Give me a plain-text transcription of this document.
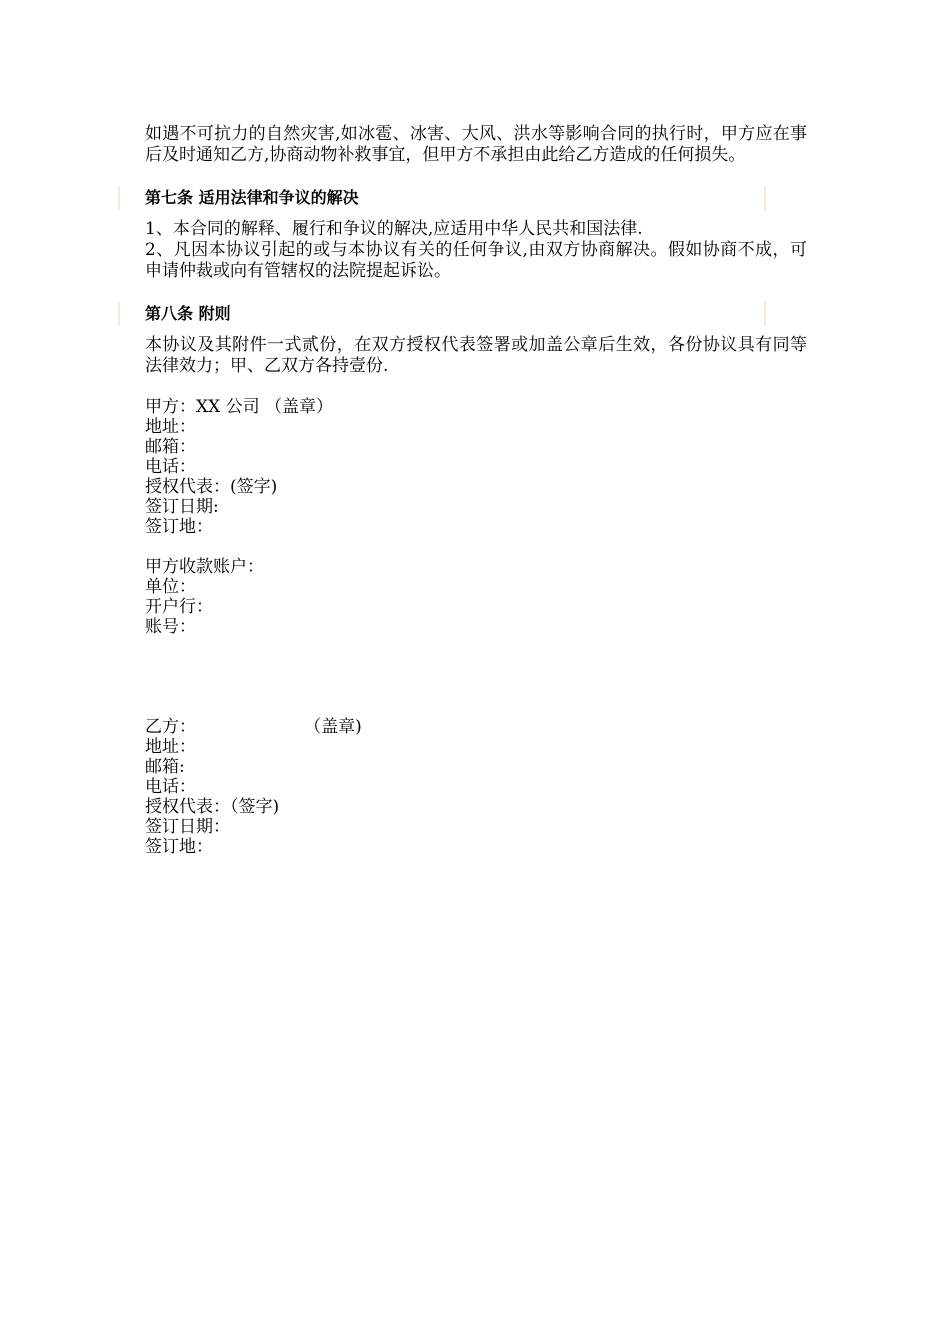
如遇不可抗力的自然灾害,如冰雹、冰害、大风、洪水等影响合同的执行时，甲方应在事后及时通知乙方,协商动物补救事宜，但甲方不承担由此给乙方造成的任何损失。

第七条 适用法律和争议的解决

1、本合同的解释、履行和争议的解决,应适用中华人民共和国法律.

2、凡因本协议引起的或与本协议有关的任何争议,由双方协商解决。假如协商不成，可申请仲裁或向有管辖权的法院提起诉讼。

第八条 附则

本协议及其附件一式贰份，在双方授权代表签署或加盖公章后生效，各份协议具有同等法律效力；甲、乙双方各持壹份.

甲方：XX 公司 （盖章）

地址：

邮箱：

电话：

授权代表：(签字)

签订日期:

签订地：

甲方收款账户：

单位：

开户行：

账号：

乙方：                    （盖章)

地址：

邮箱:

电话：

授权代表：（签字)

签订日期：

签订地：
